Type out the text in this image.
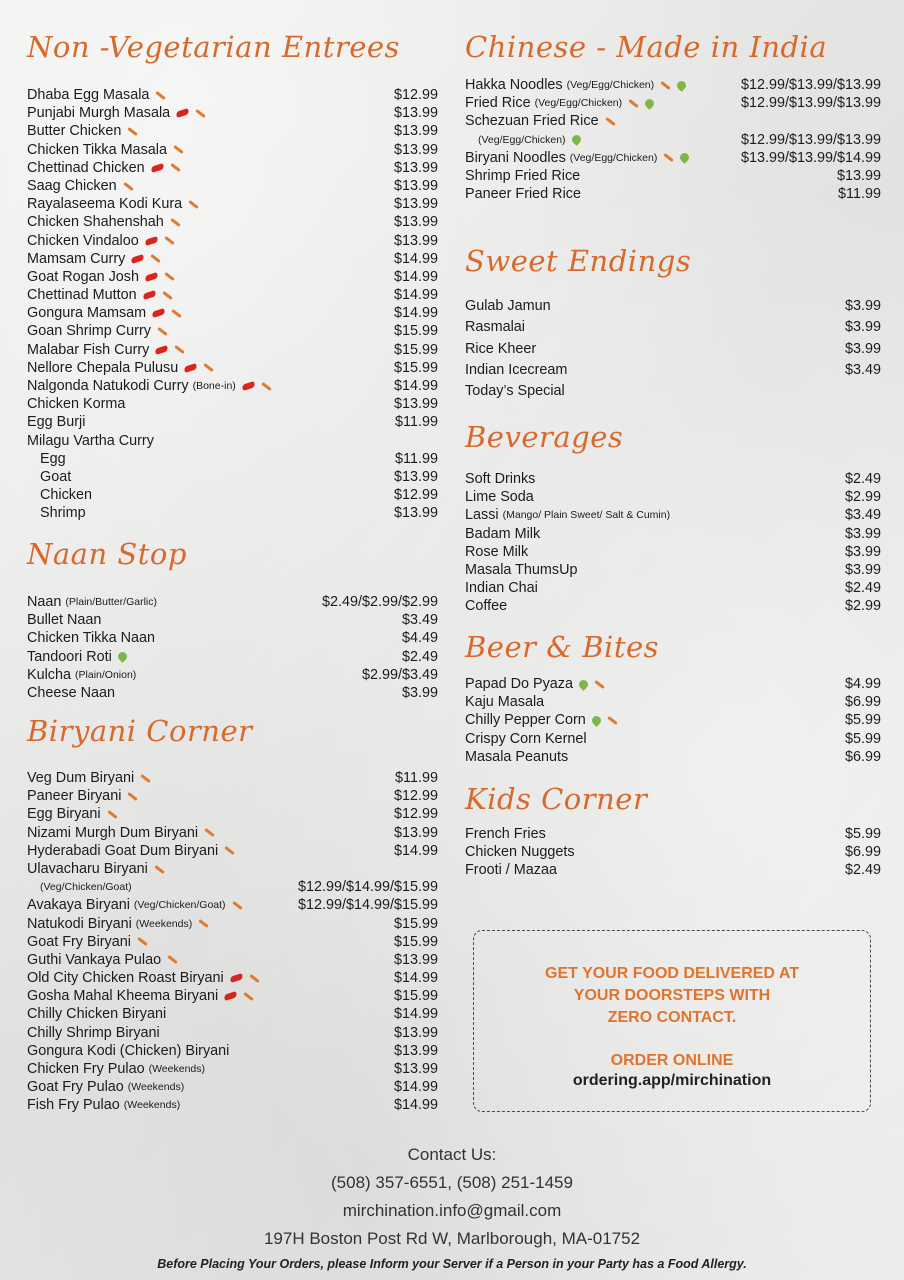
Non -Vegetarian Entrees
Dhaba Egg Masala	$12.99
Punjabi Murgh Masala	$13.99
Butter Chicken	$13.99
Chicken Tikka Masala	$13.99
Chettinad Chicken	$13.99
Saag Chicken	$13.99
Rayalaseema Kodi Kura	$13.99
Chicken Shahenshah	$13.99
Chicken Vindaloo	$13.99
Mamsam Curry	$14.99
Goat Rogan Josh	$14.99
Chettinad Mutton	$14.99
Gongura Mamsam	$14.99
Goan Shrimp Curry	$15.99
Malabar Fish Curry	$15.99
Nellore Chepala Pulusu	$15.99
Nalgonda Natukodi Curry (Bone-in)	$14.99
Chicken Korma	$13.99
Egg Burji	$11.99
Milagu Vartha Curry
Egg	$11.99
Goat	$13.99
Chicken	$12.99
Shrimp	$13.99
Naan Stop
Naan (Plain/Butter/Garlic)	$2.49/$2.99/$2.99
Bullet Naan	$3.49
Chicken Tikka Naan	$4.49
Tandoori Roti	$2.49
Kulcha (Plain/Onion)	$2.99/$3.49
Cheese Naan	$3.99
Biryani Corner
Veg Dum Biryani	$11.99
Paneer Biryani	$12.99
Egg Biryani	$12.99
Nizami Murgh Dum Biryani	$13.99
Hyderabadi Goat Dum Biryani	$14.99
Ulavacharu Biryani
(Veg/Chicken/Goat)	$12.99/$14.99/$15.99
Avakaya Biryani (Veg/Chicken/Goat)	$12.99/$14.99/$15.99
Natukodi Biryani (Weekends)	$15.99
Goat Fry Biryani	$15.99
Guthi Vankaya Pulao	$13.99
Old City Chicken Roast Biryani	$14.99
Gosha Mahal Kheema Biryani	$15.99
Chilly Chicken Biryani	$14.99
Chilly Shrimp Biryani	$13.99
Gongura Kodi (Chicken) Biryani	$13.99
Chicken Fry Pulao (Weekends)	$13.99
Goat Fry Pulao (Weekends)	$14.99
Fish Fry Pulao (Weekends)	$14.99
Chinese - Made in India
Hakka Noodles (Veg/Egg/Chicken)	$12.99/$13.99/$13.99
Fried Rice (Veg/Egg/Chicken)	$12.99/$13.99/$13.99
Schezuan Fried Rice
(Veg/Egg/Chicken)	$12.99/$13.99/$13.99
Biryani Noodles (Veg/Egg/Chicken)	$13.99/$13.99/$14.99
Shrimp Fried Rice	$13.99
Paneer Fried Rice	$11.99
Sweet Endings
Gulab Jamun	$3.99
Rasmalai	$3.99
Rice Kheer	$3.99
Indian Icecream	$3.49
Today’s Special
Beverages
Soft Drinks	$2.49
Lime Soda	$2.99
Lassi (Mango/ Plain Sweet/ Salt & Cumin)	$3.49
Badam Milk	$3.99
Rose Milk	$3.99
Masala ThumsUp	$3.99
Indian Chai	$2.49
Coffee	$2.99
Beer & Bites
Papad Do Pyaza	$4.99
Kaju Masala	$6.99
Chilly Pepper Corn	$5.99
Crispy Corn Kernel	$5.99
Masala Peanuts	$6.99
Kids Corner
French Fries	$5.99
Chicken Nuggets	$6.99
Frooti / Mazaa	$2.49
GET YOUR FOOD DELIVERED AT
YOUR DOORSTEPS WITH
ZERO CONTACT.
ORDER ONLINE
ordering.app/mirchination
Contact Us:
(508) 357-6551, (508) 251-1459
mirchination.info@gmail.com
197H Boston Post Rd W, Marlborough, MA-01752
Before Placing Your Orders, please Inform your Server if a Person in your Party has a Food Allergy.
